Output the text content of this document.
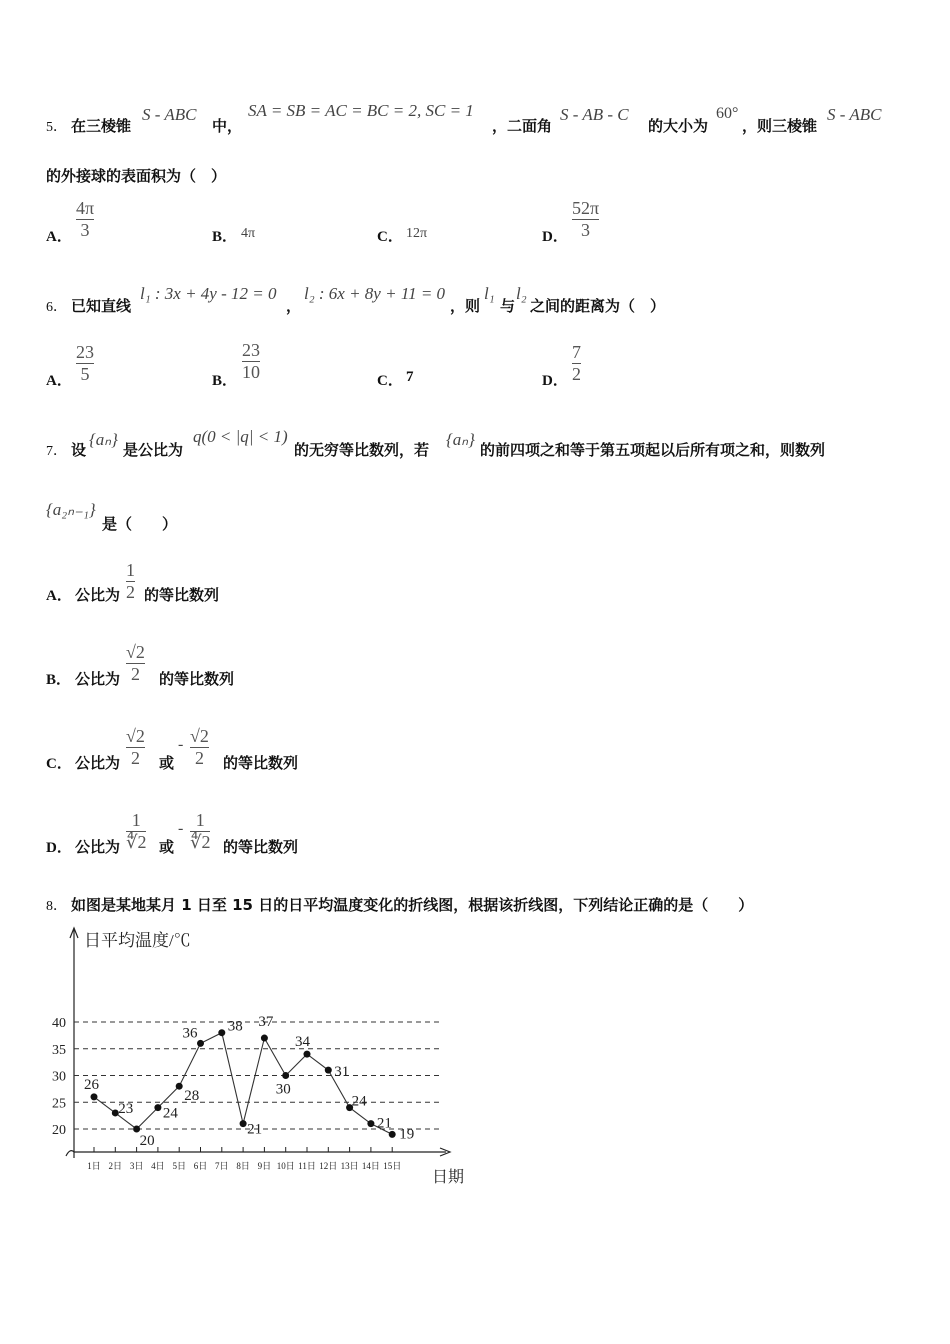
5． 在三棱锥
S - ABC
中，
SA = SB = AC = BC = 2, SC = 1
，二面角
S - AB - C
的大小为
60°
，则三棱锥
S - ABC
的外接球的表面积为（　）
A．
4π
3	B． 4π	C． 12π	D．
52π
3
6． 已知直线
l₁ : 3x + 4y - 12 = 0
，
l₂ : 6x + 8y + 11 = 0
，则
l₁
与
l₂
之间的距离为（　）
A．
23
5	B．
23
10	C． 7	D．
7
2
7． 设
{aₙ}
是公比为
q(0 < |q| < 1)
的无穷等比数列，若
{aₙ}
的前四项之和等于第五项起以后所有项之和，则数列
{a₂ₙ₋₁}
是（　　）
A． 公比为
1
2 的等比数列
B． 公比为
√2
2 的等比数列
C． 公比为
√2
2 或
- √2
2 的等比数列
D． 公比为
1
∜2 或
- 1
∜2 的等比数列
8． 如图是某地某月 1 日至 15 日的日平均温度变化的折线图，根据该折线图，下列结论正确的是（　　）
日平均温度/℃
日期
20
25
30
35
40
1日 2日 3日 4日 5日 6日 7日 8日 9日 10日 11日 12日 13日 14日 15日
26
23
20
24
28
36 38
21
37
30
34
31
24
21
19
